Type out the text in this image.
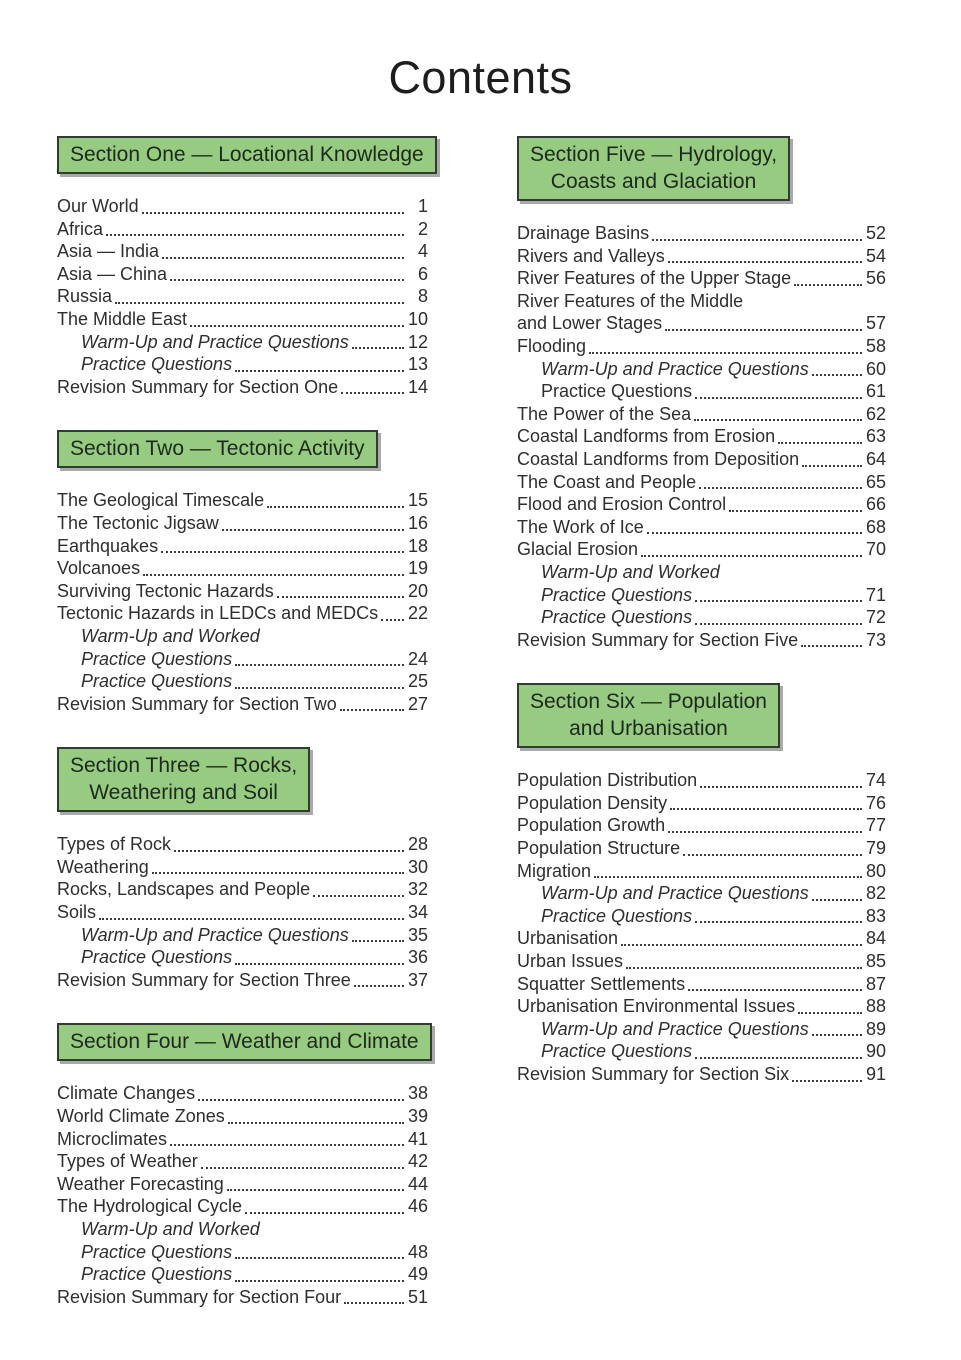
Contents
Section One — Locational Knowledge
Our World	1
Africa	2
Asia — India	4
Asia — China	6
Russia	8
The Middle East	10
Warm-Up and Practice Questions	12
Practice Questions	13
Revision Summary for Section One	14
Section Two — Tectonic Activity
The Geological Timescale	15
The Tectonic Jigsaw	16
Earthquakes	18
Volcanoes	19
Surviving Tectonic Hazards	20
Tectonic Hazards in LEDCs and MEDCs 22
Warm-Up and Worked
Practice Questions	24
Practice Questions	25
Revision Summary for Section Two	27
Section Three — Rocks,
Weathering and Soil
Types of Rock	28
Weathering	30
Rocks, Landscapes and People	32
Soils	34
Warm-Up and Practice Questions	35
Practice Questions	36
Revision Summary for Section Three	37
Section Four — Weather and Climate
Climate Changes	38
World Climate Zones	39
Microclimates	41
Types of Weather	42
Weather Forecasting	44
The Hydrological Cycle	46
Warm-Up and Worked
Practice Questions	48
Practice Questions	49
Revision Summary for Section Four	51
Section Five — Hydrology,
Coasts and Glaciation
Drainage Basins	52
Rivers and Valleys	54
River Features of the Upper Stage	56
River Features of the Middle
and Lower Stages	57
Flooding	58
Warm-Up and Practice Questions	60
Practice Questions	61
The Power of the Sea	62
Coastal Landforms from Erosion	63
Coastal Landforms from Deposition	64
The Coast and People	65
Flood and Erosion Control	66
The Work of Ice	68
Glacial Erosion	70
Warm-Up and Worked
Practice Questions	71
Practice Questions	72
Revision Summary for Section Five	73
Section Six — Population
and Urbanisation
Population Distribution	74
Population Density	76
Population Growth	77
Population Structure	79
Migration	80
Warm-Up and Practice Questions	82
Practice Questions	83
Urbanisation	84
Urban Issues	85
Squatter Settlements	87
Urbanisation Environmental Issues	88
Warm-Up and Practice Questions	89
Practice Questions	90
Revision Summary for Section Six	91
